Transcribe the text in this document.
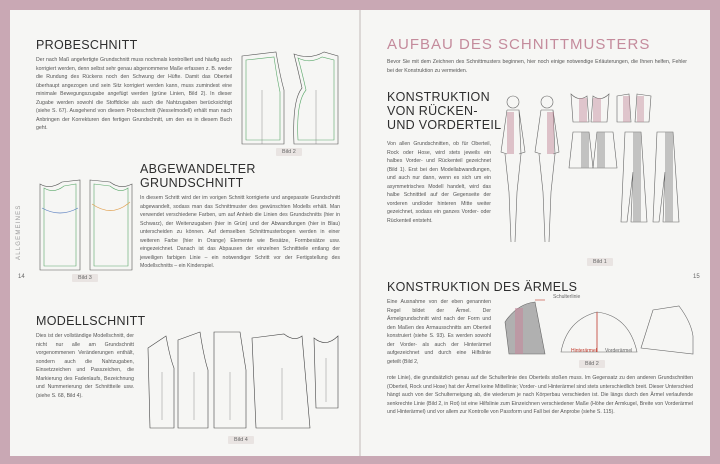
PROBESCHNITT
Der nach Maß angefertigte Grundschnitt muss nochmals kontrolliert und häufig auch korrigiert werden, denn selbst sehr genau abgenommene Maße erfassen z. B. weder die Rundung des Rückens noch den Schwung der Hüfte. Damit das Oberteil überhaupt angezogen und sein Sitz korrigiert werden kann, muss zumindest eine minimale Bewegungszugabe angefügt werden (grüne Linien, Bild 2). In dieser Zugabe werden sowohl die Stoffdicke als auch die Nahtzugaben berücksichtigt (siehe S. 67). Ausgehend von diesem Probeschnitt (Nesselmodell) erhält man nach Anbringen der Korrekturen den fertigen Grundschnitt, um den es in diesem Buch geht.
Bild 2
ALLGEMEINES
14	Bild 3
ABGEWANDELTER
GRUNDSCHNITT
In diesem Schritt wird der im vorigen Schnitt korrigierte und angepasste Grundschnitt abgewandelt, sodass man das Schnittmuster des gewünschten Modells erhält. Man verwendet verschiedene Farben, um auf Anhieb die Linien des Grundschnitts (hier in Schwarz), der Weitenzugaben (hier in Grün) und der Abwandlungen (hier in Blau) unterscheiden zu können. Auf demselben Schnittmusterbogen werden in einer weiteren Farbe (hier in Orange) Elemente wie Besätze, Formbesätze usw. eingezeichnet. Danach ist das Abpausen der einzelnen Schnittteile entlang der jeweiligen farbigen Linie – ein notwendiger Schritt vor der Fertigstellung des Modellschnitts – ein Kinderspiel.
MODELLSCHNITT
Dies ist der vollständige Modellschnitt, der nicht nur alle am Grundschnitt vorgenommenen Veränderungen enthält, sondern auch die Nahtzugaben, Einsetzzeichen und Passzeichen, die Markierung des Fadenlaufs, Bezeichnung und Nummerierung der Schnittteile usw. (siehe S. 68, Bild 4).
Bild 4
AUFBAU DES SCHNITTMUSTERS
Bevor Sie mit dem Zeichnen des Schnittmusters beginnen, hier noch einige notwendige Erläuterungen, die Ihnen helfen, Fehler bei der Konstruktion zu vermeiden.
KONSTRUKTION
VON RÜCKEN-
UND VORDERTEIL
Von allen Grundschnitten, ob für Oberteil, Rock oder Hose, wird stets jeweils ein halbes Vorder- und Rückenteil gezeichnet (Bild 1). Erst bei den Modellabwandlungen, und auch nur dann, wenn es sich um ein asymmetrisches Modell handelt, wird das halbe Schnittteil auf der Gegenseite der vorderen und/oder hinteren Mitte weiter gezeichnet, sodass ein ganzes Vorder- oder Rückenteil entsteht.
Bild 1
15
KONSTRUKTION DES ÄRMELS
Eine Ausnahme von der eben genannten Regel bildet der Ärmel. Der Ärmelgrundschnitt wird nach der Form und den Maßen des Armausschnitts am Oberteil konstruiert (siehe S. 93). Es werden sowohl der Vorder- als auch der Hinterärmel aufgezeichnet und durch eine Hilfslinie geteilt (Bild 2,
rote Linie), die grundsätzlich genau auf die Schulterlinie des Oberteils stoßen muss. Im Gegensatz zu den anderen Grundschnitten (Oberteil, Rock und Hose) hat der Ärmel keine Mittellinie; Vorder- und Hinterärmel sind stets unterschiedlich breit. Dieser Unterschied hängt auch von der Schulterneigung ab, die wiederum je nach Körperbau verschieden ist. Die längs durch den Ärmel verlaufende senkrechte Linie (Bild 2, in Rot) ist eine Hilfslinie zum Einzeichnen verschiedener Maße (Höhe der Armkugel, Breite von Vorderärmel und Hinterärmel) und vor allem zur Kontrolle von Passform und Fall bei der Anprobe (siehe S. 115).
Schulterlinie
Hinterärmel Vorderärmel
Bild 2
